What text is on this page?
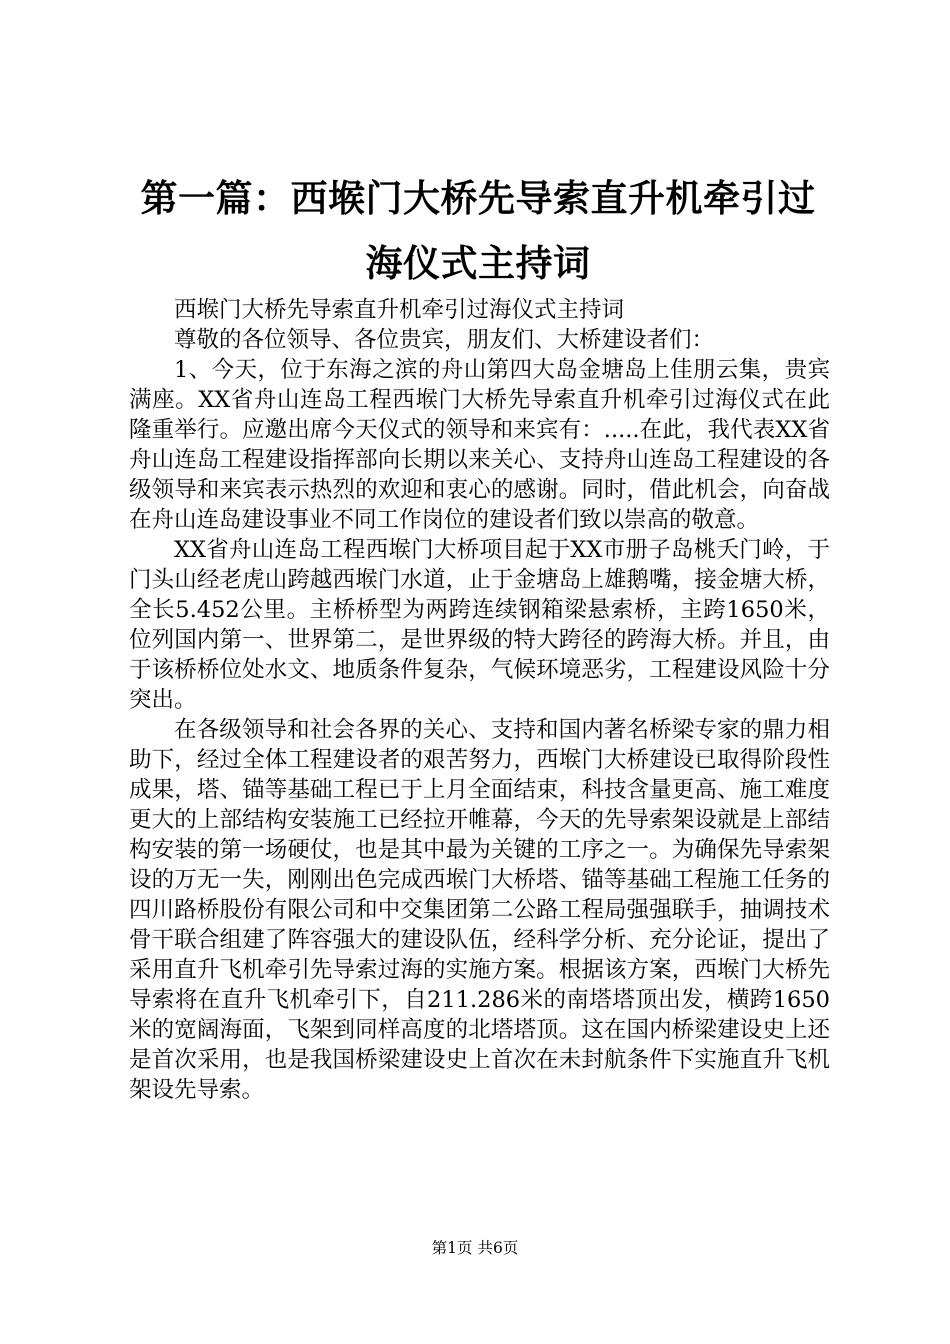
第一篇：西堠门大桥先导索直升机牵引过海仪式主持词

西堠门大桥先导索直升机牵引过海仪式主持词

尊敬的各位领导、各位贵宾，朋友们、大桥建设者们：

1、今天，位于东海之滨的舟山第四大岛金塘岛上佳朋云集，贵宾满座。XX省舟山连岛工程西堠门大桥先导索直升机牵引过海仪式在此隆重举行。应邀出席今天仪式的领导和来宾有：.....在此，我代表XX省舟山连岛工程建设指挥部向长期以来关心、支持舟山连岛工程建设的各级领导和来宾表示热烈的欢迎和衷心的感谢。同时，借此机会，向奋战在舟山连岛建设事业不同工作岗位的建设者们致以崇高的敬意。

XX省舟山连岛工程西堠门大桥项目起于XX市册子岛桃夭门岭，于门头山经老虎山跨越西堠门水道，止于金塘岛上雄鹅嘴，接金塘大桥，全长5.452公里。主桥桥型为两跨连续钢箱梁悬索桥，主跨1650米，位列国内第一、世界第二，是世界级的特大跨径的跨海大桥。并且，由于该桥桥位处水文、地质条件复杂，气候环境恶劣，工程建设风险十分突出。

在各级领导和社会各界的关心、支持和国内著名桥梁专家的鼎力相助下，经过全体工程建设者的艰苦努力，西堠门大桥建设已取得阶段性成果，塔、锚等基础工程已于上月全面结束，科技含量更高、施工难度更大的上部结构安装施工已经拉开帷幕，今天的先导索架设就是上部结构安装的第一场硬仗，也是其中最为关键的工序之一。为确保先导索架设的万无一失，刚刚出色完成西堠门大桥塔、锚等基础工程施工任务的四川路桥股份有限公司和中交集团第二公路工程局强强联手，抽调技术骨干联合组建了阵容强大的建设队伍，经科学分析、充分论证，提出了采用直升飞机牵引先导索过海的实施方案。根据该方案，西堠门大桥先导索将在直升飞机牵引下，自211.286米的南塔塔顶出发，横跨1650米的宽阔海面，飞架到同样高度的北塔塔顶。这在国内桥梁建设史上还是首次采用，也是我国桥梁建设史上首次在未封航条件下实施直升飞机架设先导索。

第1页 共6页
